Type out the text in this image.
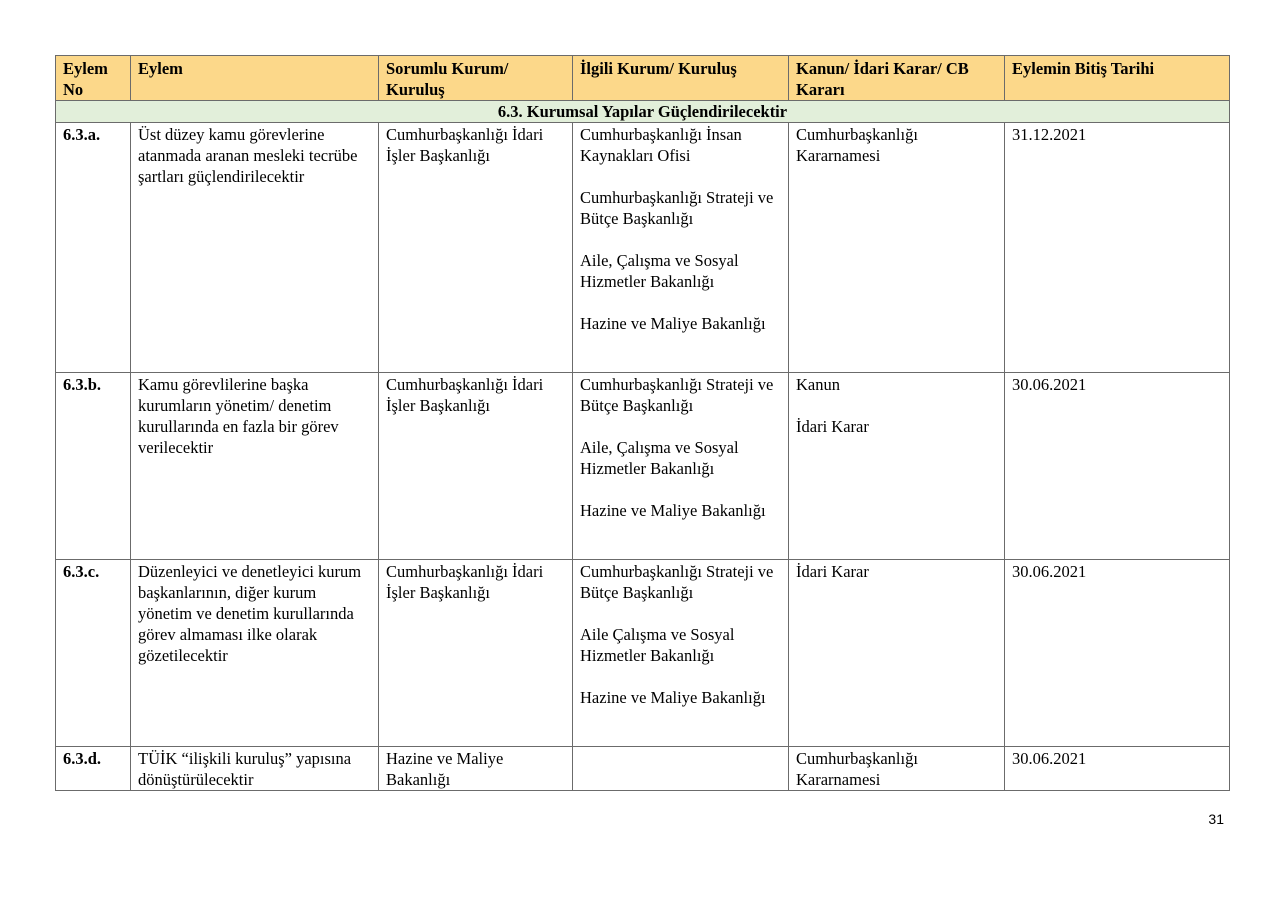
Eylem No	Eylem	Sorumlu Kurum/ Kuruluş	İlgili Kurum/ Kuruluş	Kanun/ İdari Karar/ CB Kararı	Eylemin Bitiş Tarihi
6.3. Kurumsal Yapılar Güçlendirilecektir					
6.3.a.	Üst düzey kamu görevlerine atanmada aranan mesleki tecrübe şartları güçlendirilecektir	Cumhurbaşkanlığı İdari İşler Başkanlığı	Cumhurbaşkanlığı İnsan Kaynakları Ofisi
Cumhurbaşkanlığı Strateji ve Bütçe Başkanlığı
Aile, Çalışma ve Sosyal Hizmetler Bakanlığı
Hazine ve Maliye Bakanlığı	Cumhurbaşkanlığı Kararnamesi	31.12.2021
6.3.b.	Kamu görevlilerine başka kurumların yönetim/ denetim kurullarında en fazla bir görev verilecektir	Cumhurbaşkanlığı İdari İşler Başkanlığı	Cumhurbaşkanlığı Strateji ve Bütçe Başkanlığı
Aile, Çalışma ve Sosyal Hizmetler Bakanlığı
Hazine ve Maliye Bakanlığı	Kanun
İdari Karar	30.06.2021
6.3.c.	Düzenleyici ve denetleyici kurum başkanlarının, diğer kurum yönetim ve denetim kurullarında görev almaması ilke olarak gözetilecektir	Cumhurbaşkanlığı İdari İşler Başkanlığı	Cumhurbaşkanlığı Strateji ve Bütçe Başkanlığı
Aile Çalışma ve Sosyal Hizmetler Bakanlığı
Hazine ve Maliye Bakanlığı	İdari Karar	30.06.2021
6.3.d.	TÜİK “ilişkili kuruluş” yapısına dönüştürülecektir	Hazine ve Maliye Bakanlığı		Cumhurbaşkanlığı Kararnamesi	30.06.2021
31
